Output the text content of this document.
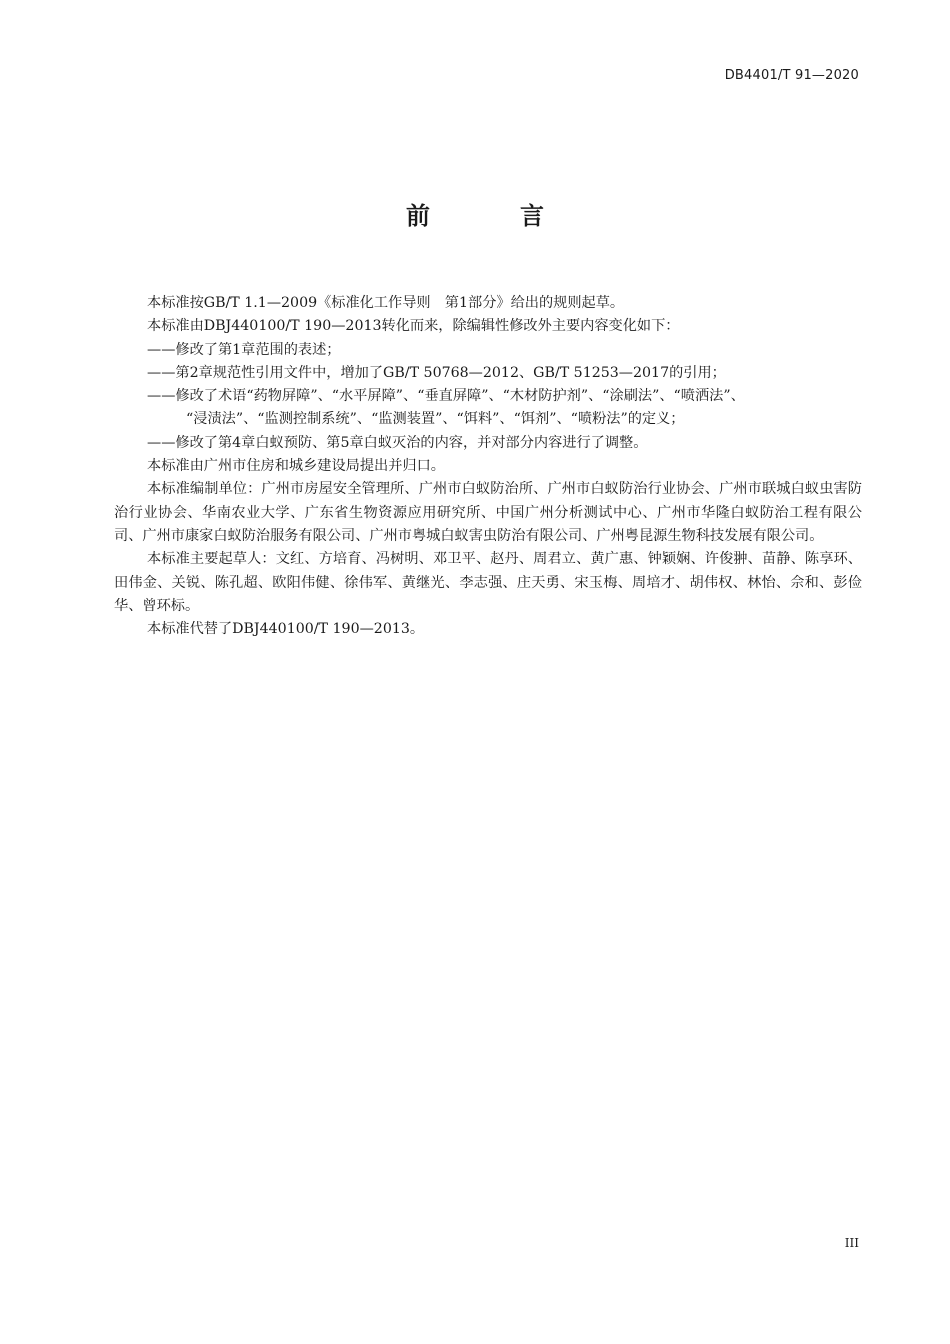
DB4401/T 91—2020
前	言

本标准按GB/T 1.1—2009《标准化工作导则　第1部分》给出的规则起草。

本标准由DBJ440100/T 190—2013转化而来，除编辑性修改外主要内容变化如下：

——修改了第1章范围的表述；

——第2章规范性引用文件中，增加了GB/T 50768—2012、GB/T 51253—2017的引用；

——修改了术语“药物屏障”、“水平屏障”、“垂直屏障”、“木材防护剂”、“涂刷法”、“喷洒法”、

“浸渍法”、“监测控制系统”、“监测装置”、“饵料”、“饵剂”、“喷粉法”的定义；

——修改了第4章白蚁预防、第5章白蚁灭治的内容，并对部分内容进行了调整。

本标准由广州市住房和城乡建设局提出并归口。

本标准编制单位：广州市房屋安全管理所、广州市白蚁防治所、广州市白蚁防治行业协会、广州市联城白蚁虫害防治行业协会、华南农业大学、广东省生物资源应用研究所、中国广州分析测试中心、广州市华隆白蚁防治工程有限公司、广州市康家白蚁防治服务有限公司、广州市粤城白蚁害虫防治有限公司、广州粤昆源生物科技发展有限公司。

本标准主要起草人：文红、方培育、冯树明、邓卫平、赵丹、周君立、黄广惠、钟颖娴、许俊翀、苗静、陈享环、田伟金、关锐、陈孔超、欧阳伟健、徐伟军、黄继光、李志强、庄天勇、宋玉梅、周培才、胡伟权、林怡、佘和、彭俭华、曾环标。

本标准代替了DBJ440100/T 190—2013。

III
